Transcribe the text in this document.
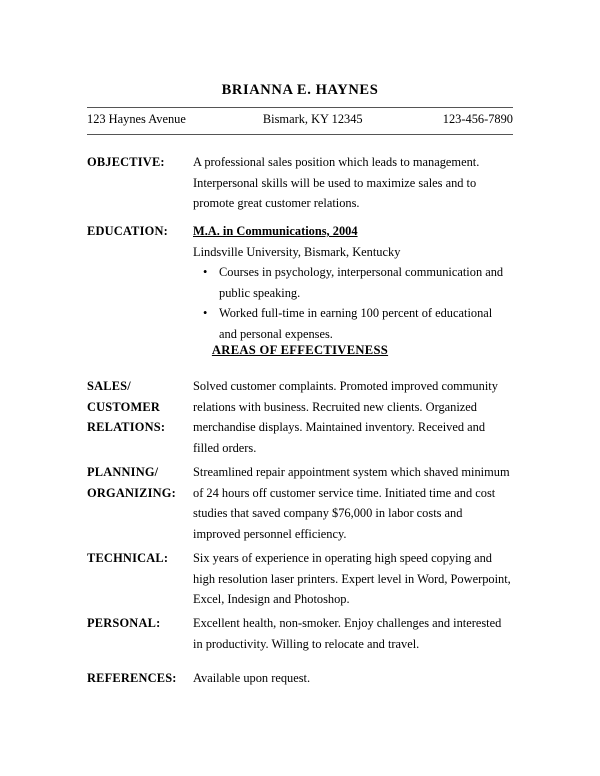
BRIANNA E. HAYNES
123 Haynes Avenue	Bismark, KY 12345	123-456-7890
OBJECTIVE:	A professional sales position which leads to management. Interpersonal skills will be used to maximize sales and to promote great customer relations.

EDUCATION:	M.A. in Communications, 2004

Lindsville University, Bismark, Kentucky

• Courses in psychology, interpersonal communication and public speaking.
• Worked full-time in earning 100 percent of educational and personal expenses.
AREAS OF EFFECTIVENESS
SALES/
CUSTOMER
RELATIONS:

Solved customer complaints. Promoted improved community relations with business. Recruited new clients. Organized merchandise displays. Maintained inventory. Received and filled orders.

PLANNING/
ORGANIZING:

Streamlined repair appointment system which shaved minimum of 24 hours off customer service time. Initiated time and cost studies that saved company $76,000 in labor costs and improved personnel efficiency.

TECHNICAL:	Six years of experience in operating high speed copying and high resolution laser printers. Expert level in Word, Powerpoint, Excel, Indesign and Photoshop.

PERSONAL:	Excellent health, non-smoker. Enjoy challenges and interested in productivity. Willing to relocate and travel.

REFERENCES:	Available upon request.
